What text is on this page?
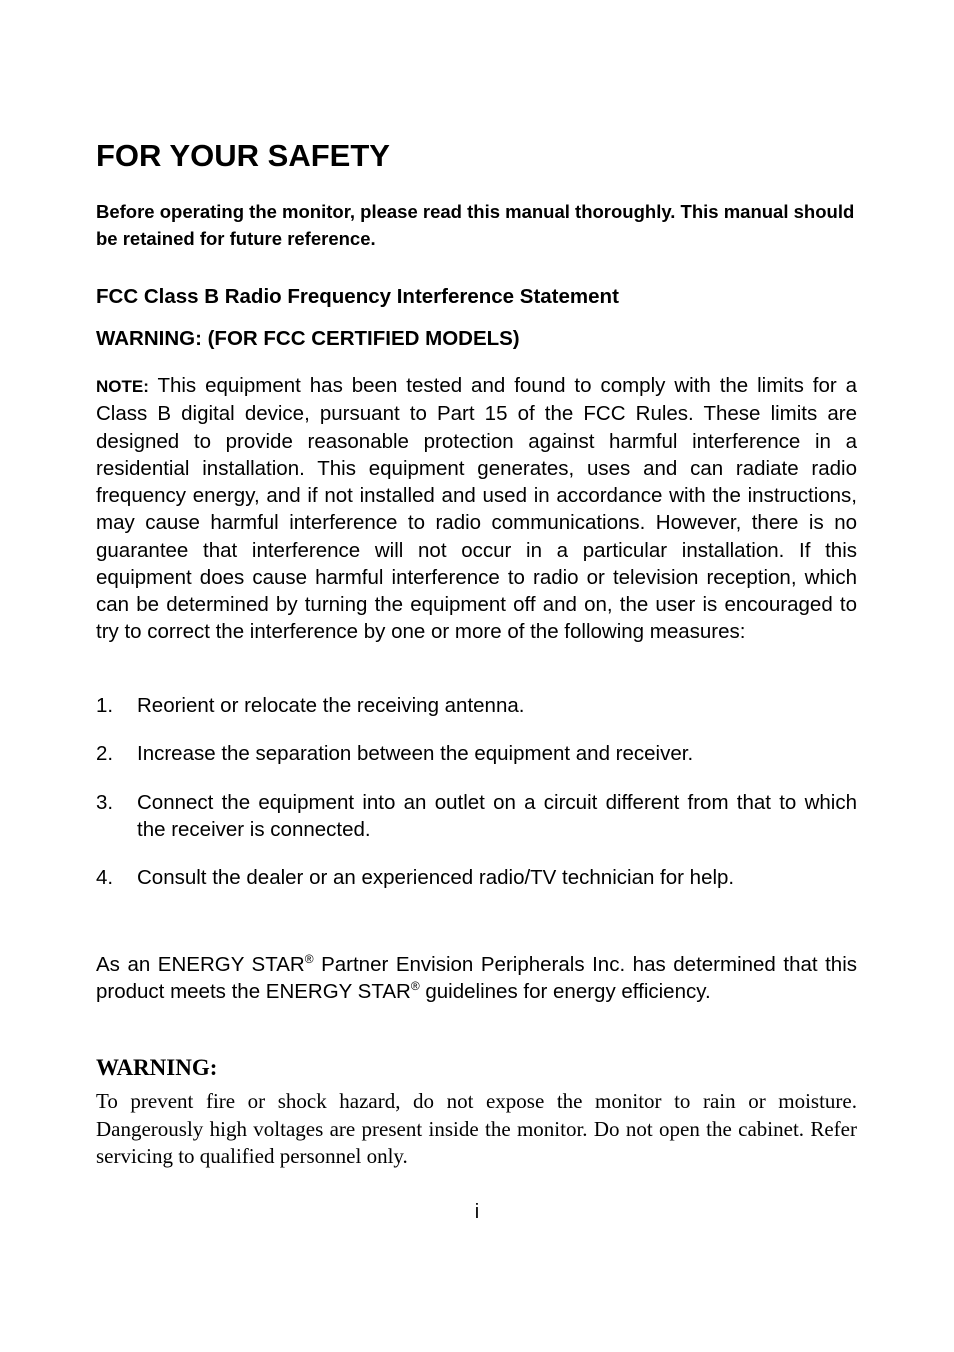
FOR YOUR SAFETY

Before operating the monitor, please read this manual thoroughly. This manual should be retained for future reference.

FCC Class B Radio Frequency Interference Statement

WARNING: (FOR FCC CERTIFIED MODELS)

NOTE: This equipment has been tested and found to comply with the limits for a Class B digital device, pursuant to Part 15 of the FCC Rules. These limits are designed to provide reasonable protection against harmful interference in a residential installation. This equipment generates, uses and can radiate radio frequency energy, and if not installed and used in accordance with the instructions, may cause harmful interference to radio communications. However, there is no guarantee that interference will not occur in a particular installation. If this equipment does cause harmful interference to radio or television reception, which can be determined by turning the equipment off and on, the user is encouraged to try to correct the interference by one or more of the following measures:

1. Reorient or relocate the receiving antenna.
2. Increase the separation between the equipment and receiver.
3. Connect the equipment into an outlet on a circuit different from that to which the receiver is connected.
4. Consult the dealer or an experienced radio/TV technician for help.

As an ENERGY STAR® Partner Envision Peripherals Inc. has determined that this product meets the ENERGY STAR® guidelines for energy efficiency.

WARNING:

To prevent fire or shock hazard, do not expose the monitor to rain or moisture. Dangerously high voltages are present inside the monitor. Do not open the cabinet. Refer servicing to qualified personnel only.

i
